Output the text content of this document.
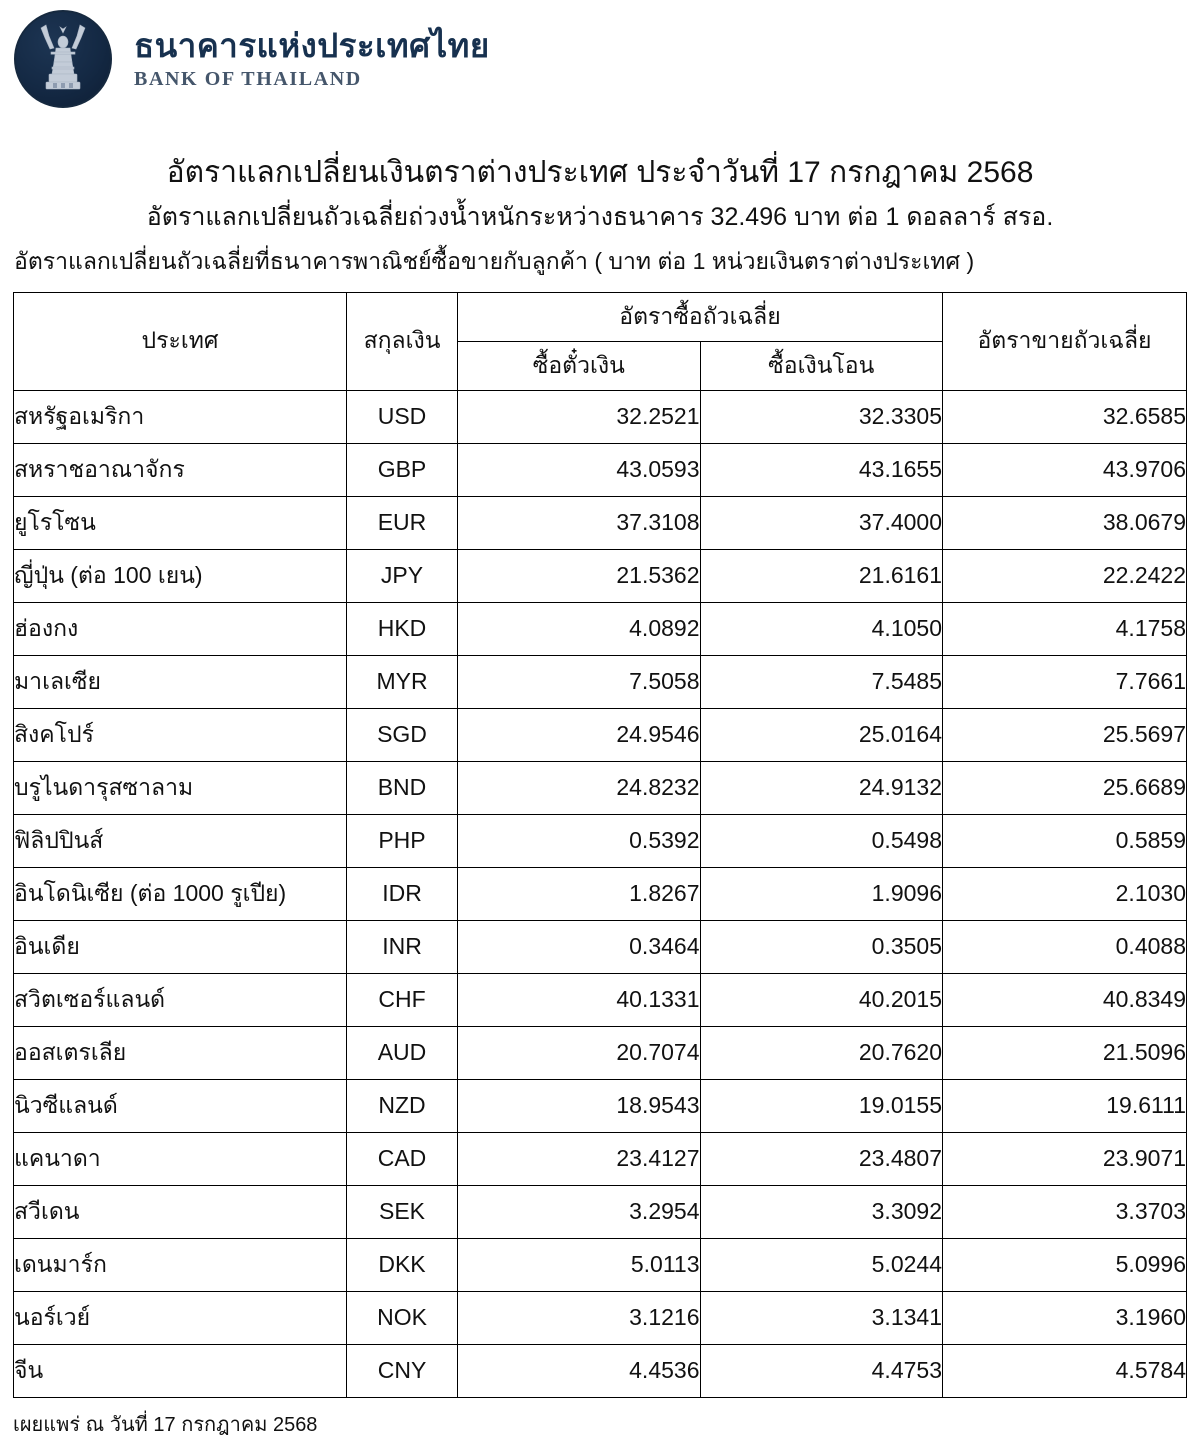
ธนาคารแห่งประเทศไทย
BANK OF THAILAND
อัตราแลกเปลี่ยนเงินตราต่างประเทศ ประจำวันที่ 17 กรกฎาคม 2568
อัตราแลกเปลี่ยนถัวเฉลี่ยถ่วงน้ำหนักระหว่างธนาคาร 32.496 บาท ต่อ 1 ดอลลาร์ สรอ.
อัตราแลกเปลี่ยนถัวเฉลี่ยที่ธนาคารพาณิชย์ซื้อขายกับลูกค้า ( บาท ต่อ 1 หน่วยเงินตราต่างประเทศ )
ประเทศ	สกุลเงิน	อัตราซื้อถัวเฉลี่ย		อัตราขายถัวเฉลี่ย
		ซื้อตั๋วเงิน	ซื้อเงินโอน	
สหรัฐอเมริกา	USD	32.2521	32.3305	32.6585
สหราชอาณาจักร	GBP	43.0593	43.1655	43.9706
ยูโรโซน	EUR	37.3108	37.4000	38.0679
ญี่ปุ่น (ต่อ 100 เยน)	JPY	21.5362	21.6161	22.2422
ฮ่องกง	HKD	4.0892	4.1050	4.1758
มาเลเซีย	MYR	7.5058	7.5485	7.7661
สิงคโปร์	SGD	24.9546	25.0164	25.5697
บรูไนดารุสซาลาม	BND	24.8232	24.9132	25.6689
ฟิลิปปินส์	PHP	0.5392	0.5498	0.5859
อินโดนิเซีย (ต่อ 1000 รูเปีย)	IDR	1.8267	1.9096	2.1030
อินเดีย	INR	0.3464	0.3505	0.4088
สวิตเซอร์แลนด์	CHF	40.1331	40.2015	40.8349
ออสเตรเลีย	AUD	20.7074	20.7620	21.5096
นิวซีแลนด์	NZD	18.9543	19.0155	19.6111
แคนาดา	CAD	23.4127	23.4807	23.9071
สวีเดน	SEK	3.2954	3.3092	3.3703
เดนมาร์ก	DKK	5.0113	5.0244	5.0996
นอร์เวย์	NOK	3.1216	3.1341	3.1960
จีน	CNY	4.4536	4.4753	4.5784
เผยแพร่ ณ วันที่ 17 กรกฎาคม 2568
